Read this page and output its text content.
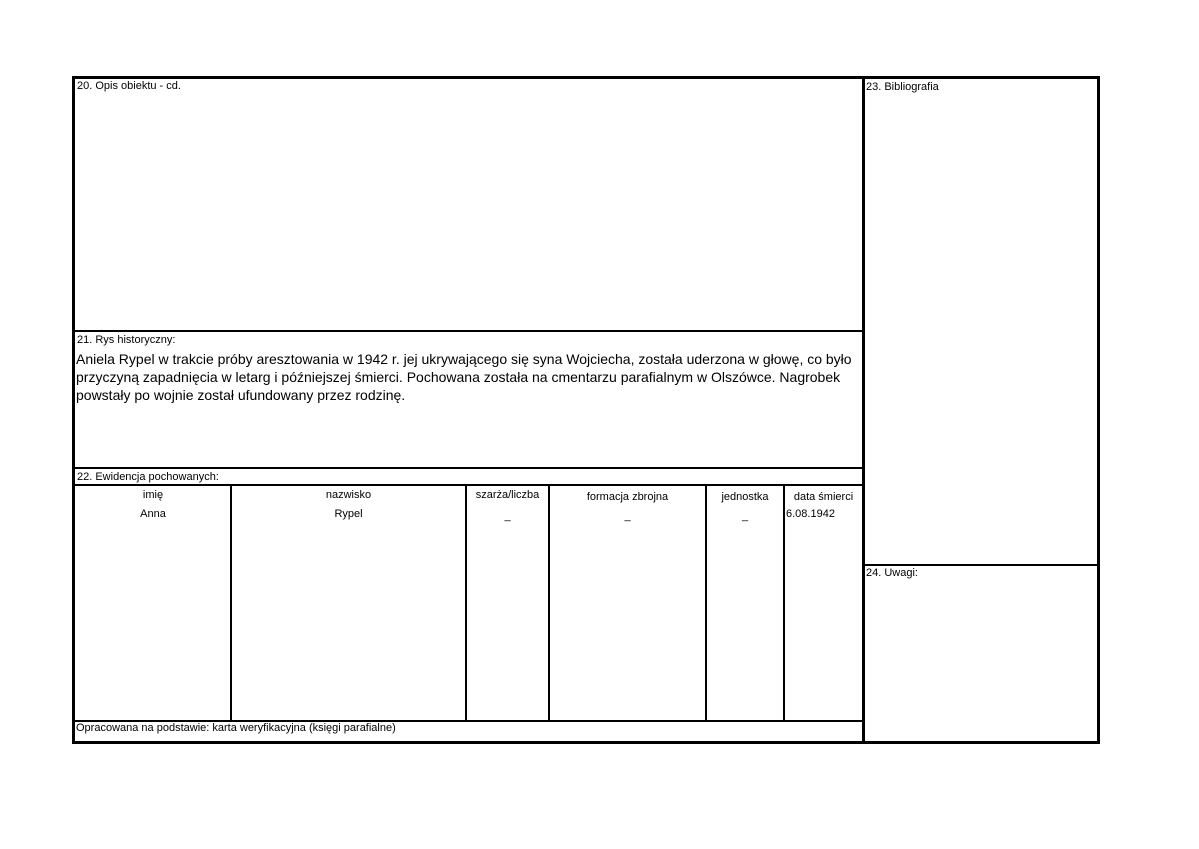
20. Opis obiektu - cd.
21. Rys historyczny:
22. Ewidencja pochowanych:
23. Bibliografia
24. Uwagi:
Aniela Rypel w trakcie próby aresztowania w 1942 r. jej ukrywającego się syna Wojciecha, została uderzona w głowę, co było
przyczyną zapadnięcia w letarg i późniejszej śmierci. Pochowana została na cmentarzu parafialnym w Olszówce. Nagrobek
powstały po wojnie został ufundowany przez rodzinę.
imię	nazwisko	szarża/liczba	formacja zbrojna	jednostka	data śmierci
Anna	Rypel	_	_	_	6.08.1942
Opracowana na podstawie: karta weryfikacyjna (księgi parafialne)
